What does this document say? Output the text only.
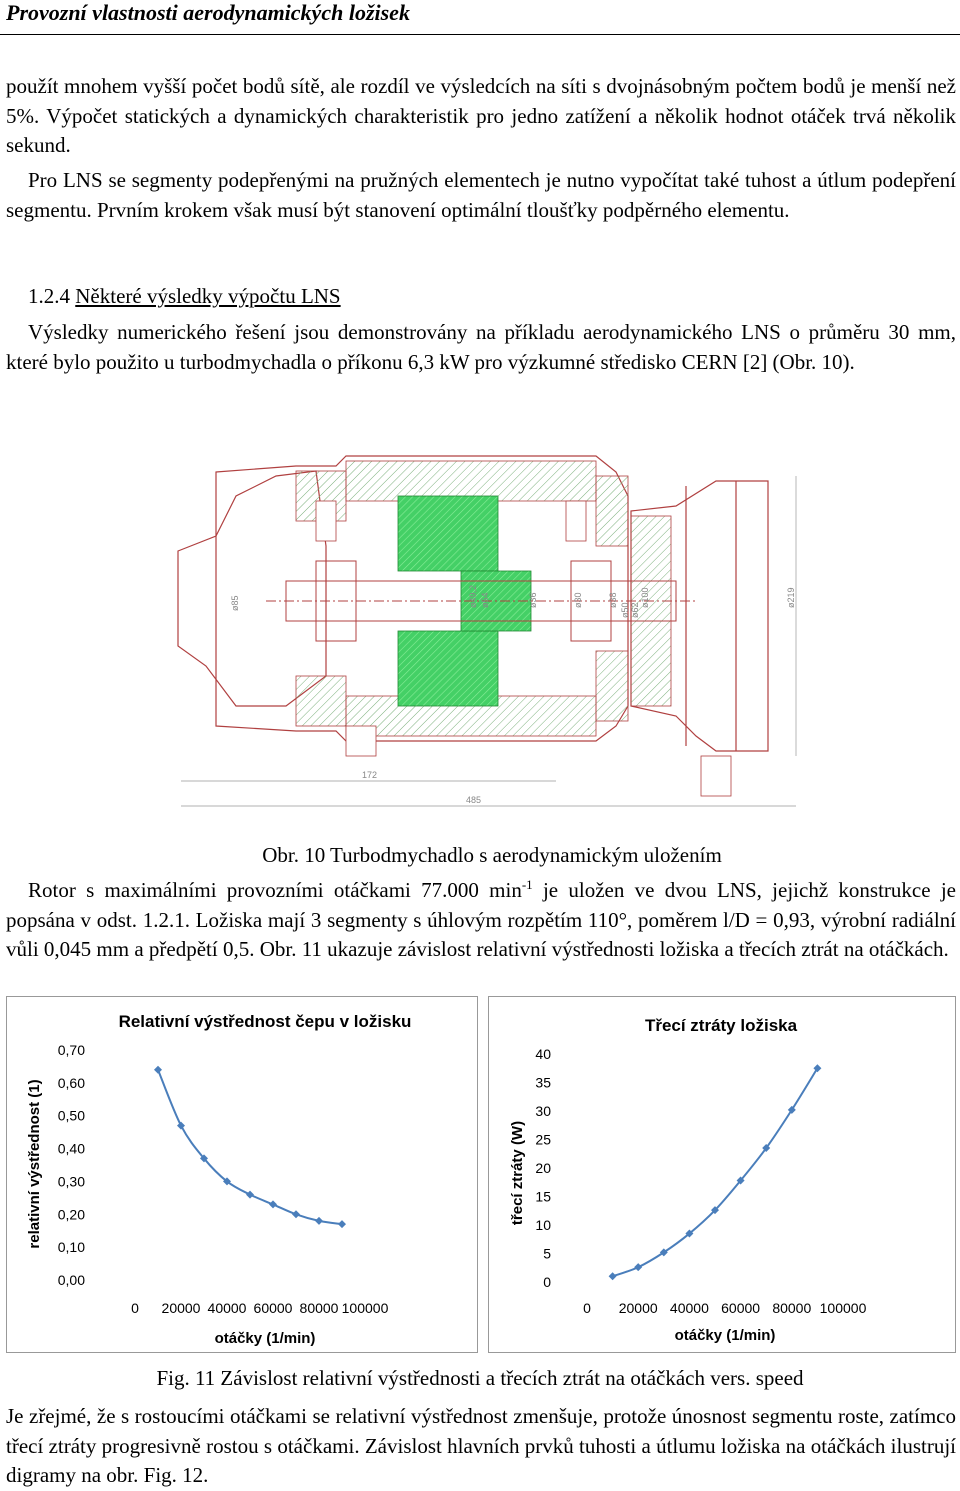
Provozní vlastnosti aerodynamických ložisek
použít mnohem vyšší počet bodů sítě, ale rozdíl ve výsledcích na síti s dvojnásobným počtem bodů je menší než 5%. Výpočet statických a dynamických charakteristik pro jedno zatížení a několik hodnot otáček trvá několik sekund.
Pro LNS se segmenty podepřenými na pružných elementech je nutno vypočítat také tuhost a útlum podepření segmentu. Prvním krokem však musí být stanovení optimální tloušťky podpěrného elementu.
1.2.4 Některé výsledky výpočtu LNS
Výsledky numerického řešení jsou demonstrovány na příkladu aerodynamického LNS o průměru 30 mm, které bylo použito u turbodmychadla o příkonu 6,3 kW pro výzkumné středisko CERN [2] (Obr. 10).
172
485
ø85	ø49,2 ø54	ø36	ø30	ø38
ø50 ø62
ø100	ø219
Obr. 10 Turbodmychadlo s aerodynamickým uložením
Rotor s maximálními provozními otáčkami 77.000 $\min^{-1}$ je uložen ve dvou LNS, jejichž konstrukce je popsána v odst. 1.2.1. Ložiska mají 3 segmenty s úhlovým rozpětím 110°, poměrem l/D = 0,93, výrobní radiální vůli 0,045 mm a předpětí 0,5. Obr. 11 ukazuje závislost relativní výstřednosti ložiska a třecích ztrát na otáčkách.
Relativní výstřednost čepu v ložisku
relativní výstřednost (1)
otáčky (1/min)
0,00
0,10
0,20
0,30
0,40
0,50
0,60
0,70
0 20000 40000 60000 80000 100000
Třecí ztráty ložiska
třecí ztráty (W)
otáčky (1/min)
0
5
10
15
20
25
30
35
40
0 20000 40000 60000 80000 100000
Fig. 11 Závislost relativní výstřednosti a třecích ztrát na otáčkách vers. speed
Je zřejmé, že s rostoucími otáčkami se relativní výstřednost zmenšuje, protože únosnost segmentu roste, zatímco třecí ztráty progresivně rostou s otáčkami. Závislost hlavních prvků tuhosti a útlumu ložiska na otáčkách ilustrují digramy na obr. Fig. 12.
